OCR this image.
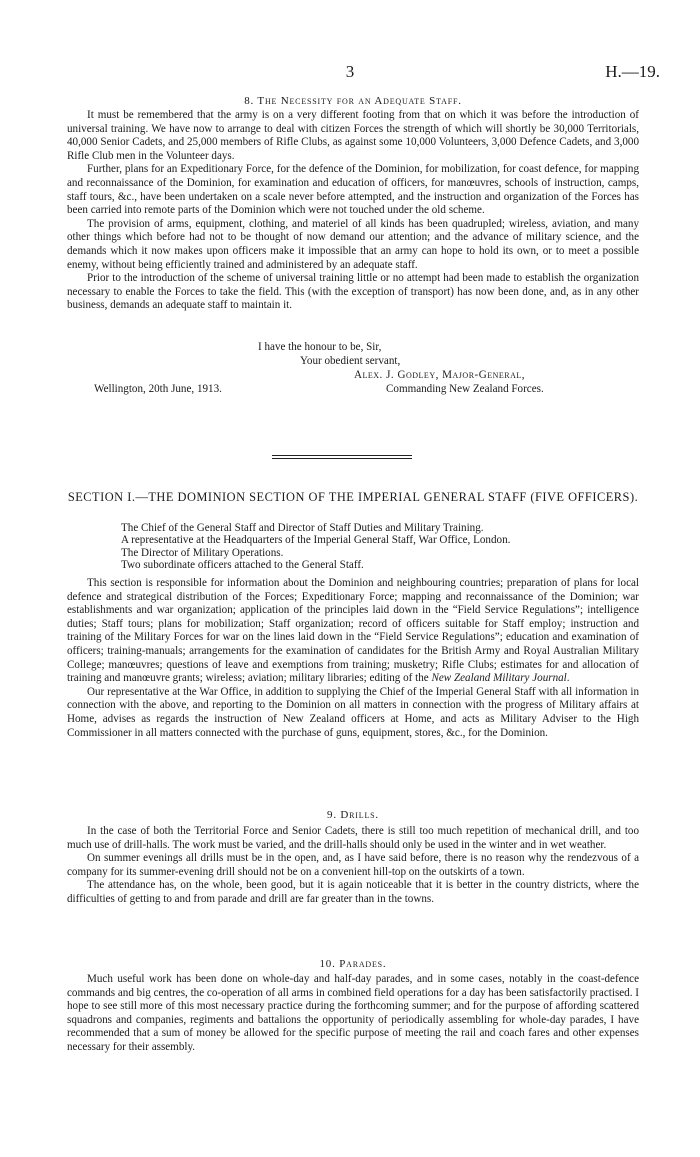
3	H.—19.
8. The Necessity for an Adequate Staff.

It must be remembered that the army is on a very different footing from that on which it was before the introduction of universal training. We have now to arrange to deal with citizen Forces the strength of which will shortly be 30,000 Territorials, 40,000 Senior Cadets, and 25,000 members of Rifle Clubs, as against some 10,000 Volunteers, 3,000 Defence Cadets, and 3,000 Rifle Club men in the Volunteer days.

Further, plans for an Expeditionary Force, for the defence of the Dominion, for mobilization, for coast defence, for mapping and reconnaissance of the Dominion, for examination and education of officers, for manœuvres, schools of instruction, camps, staff tours, &c., have been undertaken on a scale never before attempted, and the instruction and organization of the Forces has been carried into remote parts of the Dominion which were not touched under the old scheme.

The provision of arms, equipment, clothing, and materiel of all kinds has been quadrupled; wireless, aviation, and many other things which before had not to be thought of now demand our attention; and the advance of military science, and the demands which it now makes upon officers make it impossible that an army can hope to hold its own, or to meet a possible enemy, without being efficiently trained and administered by an adequate staff.

Prior to the introduction of the scheme of universal training little or no attempt had been made to establish the organization necessary to enable the Forces to take the field. This (with the exception of transport) has now been done, and, as in any other business, demands an adequate staff to maintain it.

I have the honour to be, Sir,
Your obedient servant,
Alex. J. Godley, Major-General,
Wellington, 20th June, 1913.	Commanding New Zealand Forces.
SECTION I.—THE DOMINION SECTION OF THE IMPERIAL GENERAL STAFF (FIVE OFFICERS).
The Chief of the General Staff and Director of Staff Duties and Military Training.
A representative at the Headquarters of the Imperial General Staff, War Office, London.
The Director of Military Operations.
Two subordinate officers attached to the General Staff.

This section is responsible for information about the Dominion and neighbouring countries; preparation of plans for local defence and strategical distribution of the Forces; Expeditionary Force; mapping and reconnaissance of the Dominion; war establishments and war organization; application of the principles laid down in the “Field Service Regulations”; intelligence duties; Staff tours; plans for mobilization; Staff organization; record of officers suitable for Staff employ; instruction and training of the Military Forces for war on the lines laid down in the “Field Service Regulations”; education and examination of officers; training-manuals; arrangements for the examination of candidates for the British Army and Royal Australian Military College; manœuvres; questions of leave and exemptions from training; musketry; Rifle Clubs; estimates for and allocation of training and manœuvre grants; wireless; aviation; military libraries; editing of the New Zealand Military Journal.

Our representative at the War Office, in addition to supplying the Chief of the Imperial General Staff with all information in connection with the above, and reporting to the Dominion on all matters in connection with the progress of Military affairs at Home, advises as regards the instruction of New Zealand officers at Home, and acts as Military Adviser to the High Commissioner in all matters connected with the purchase of guns, equipment, stores, &c., for the Dominion.

9. Drills.

In the case of both the Territorial Force and Senior Cadets, there is still too much repetition of mechanical drill, and too much use of drill-halls. The work must be varied, and the drill-halls should only be used in the winter and in wet weather.

On summer evenings all drills must be in the open, and, as I have said before, there is no reason why the rendezvous of a company for its summer-evening drill should not be on a convenient hill-top on the outskirts of a town.

The attendance has, on the whole, been good, but it is again noticeable that it is better in the country districts, where the difficulties of getting to and from parade and drill are far greater than in the towns.

10. Parades.

Much useful work has been done on whole-day and half-day parades, and in some cases, notably in the coast-defence commands and big centres, the co-operation of all arms in combined field operations for a day has been satisfactorily practised. I hope to see still more of this most necessary practice during the forthcoming summer; and for the purpose of affording scattered squadrons and companies, regiments and battalions the opportunity of periodically assembling for whole-day parades, I have recommended that a sum of money be allowed for the specific purpose of meeting the rail and coach fares and other expenses necessary for their assembly.
